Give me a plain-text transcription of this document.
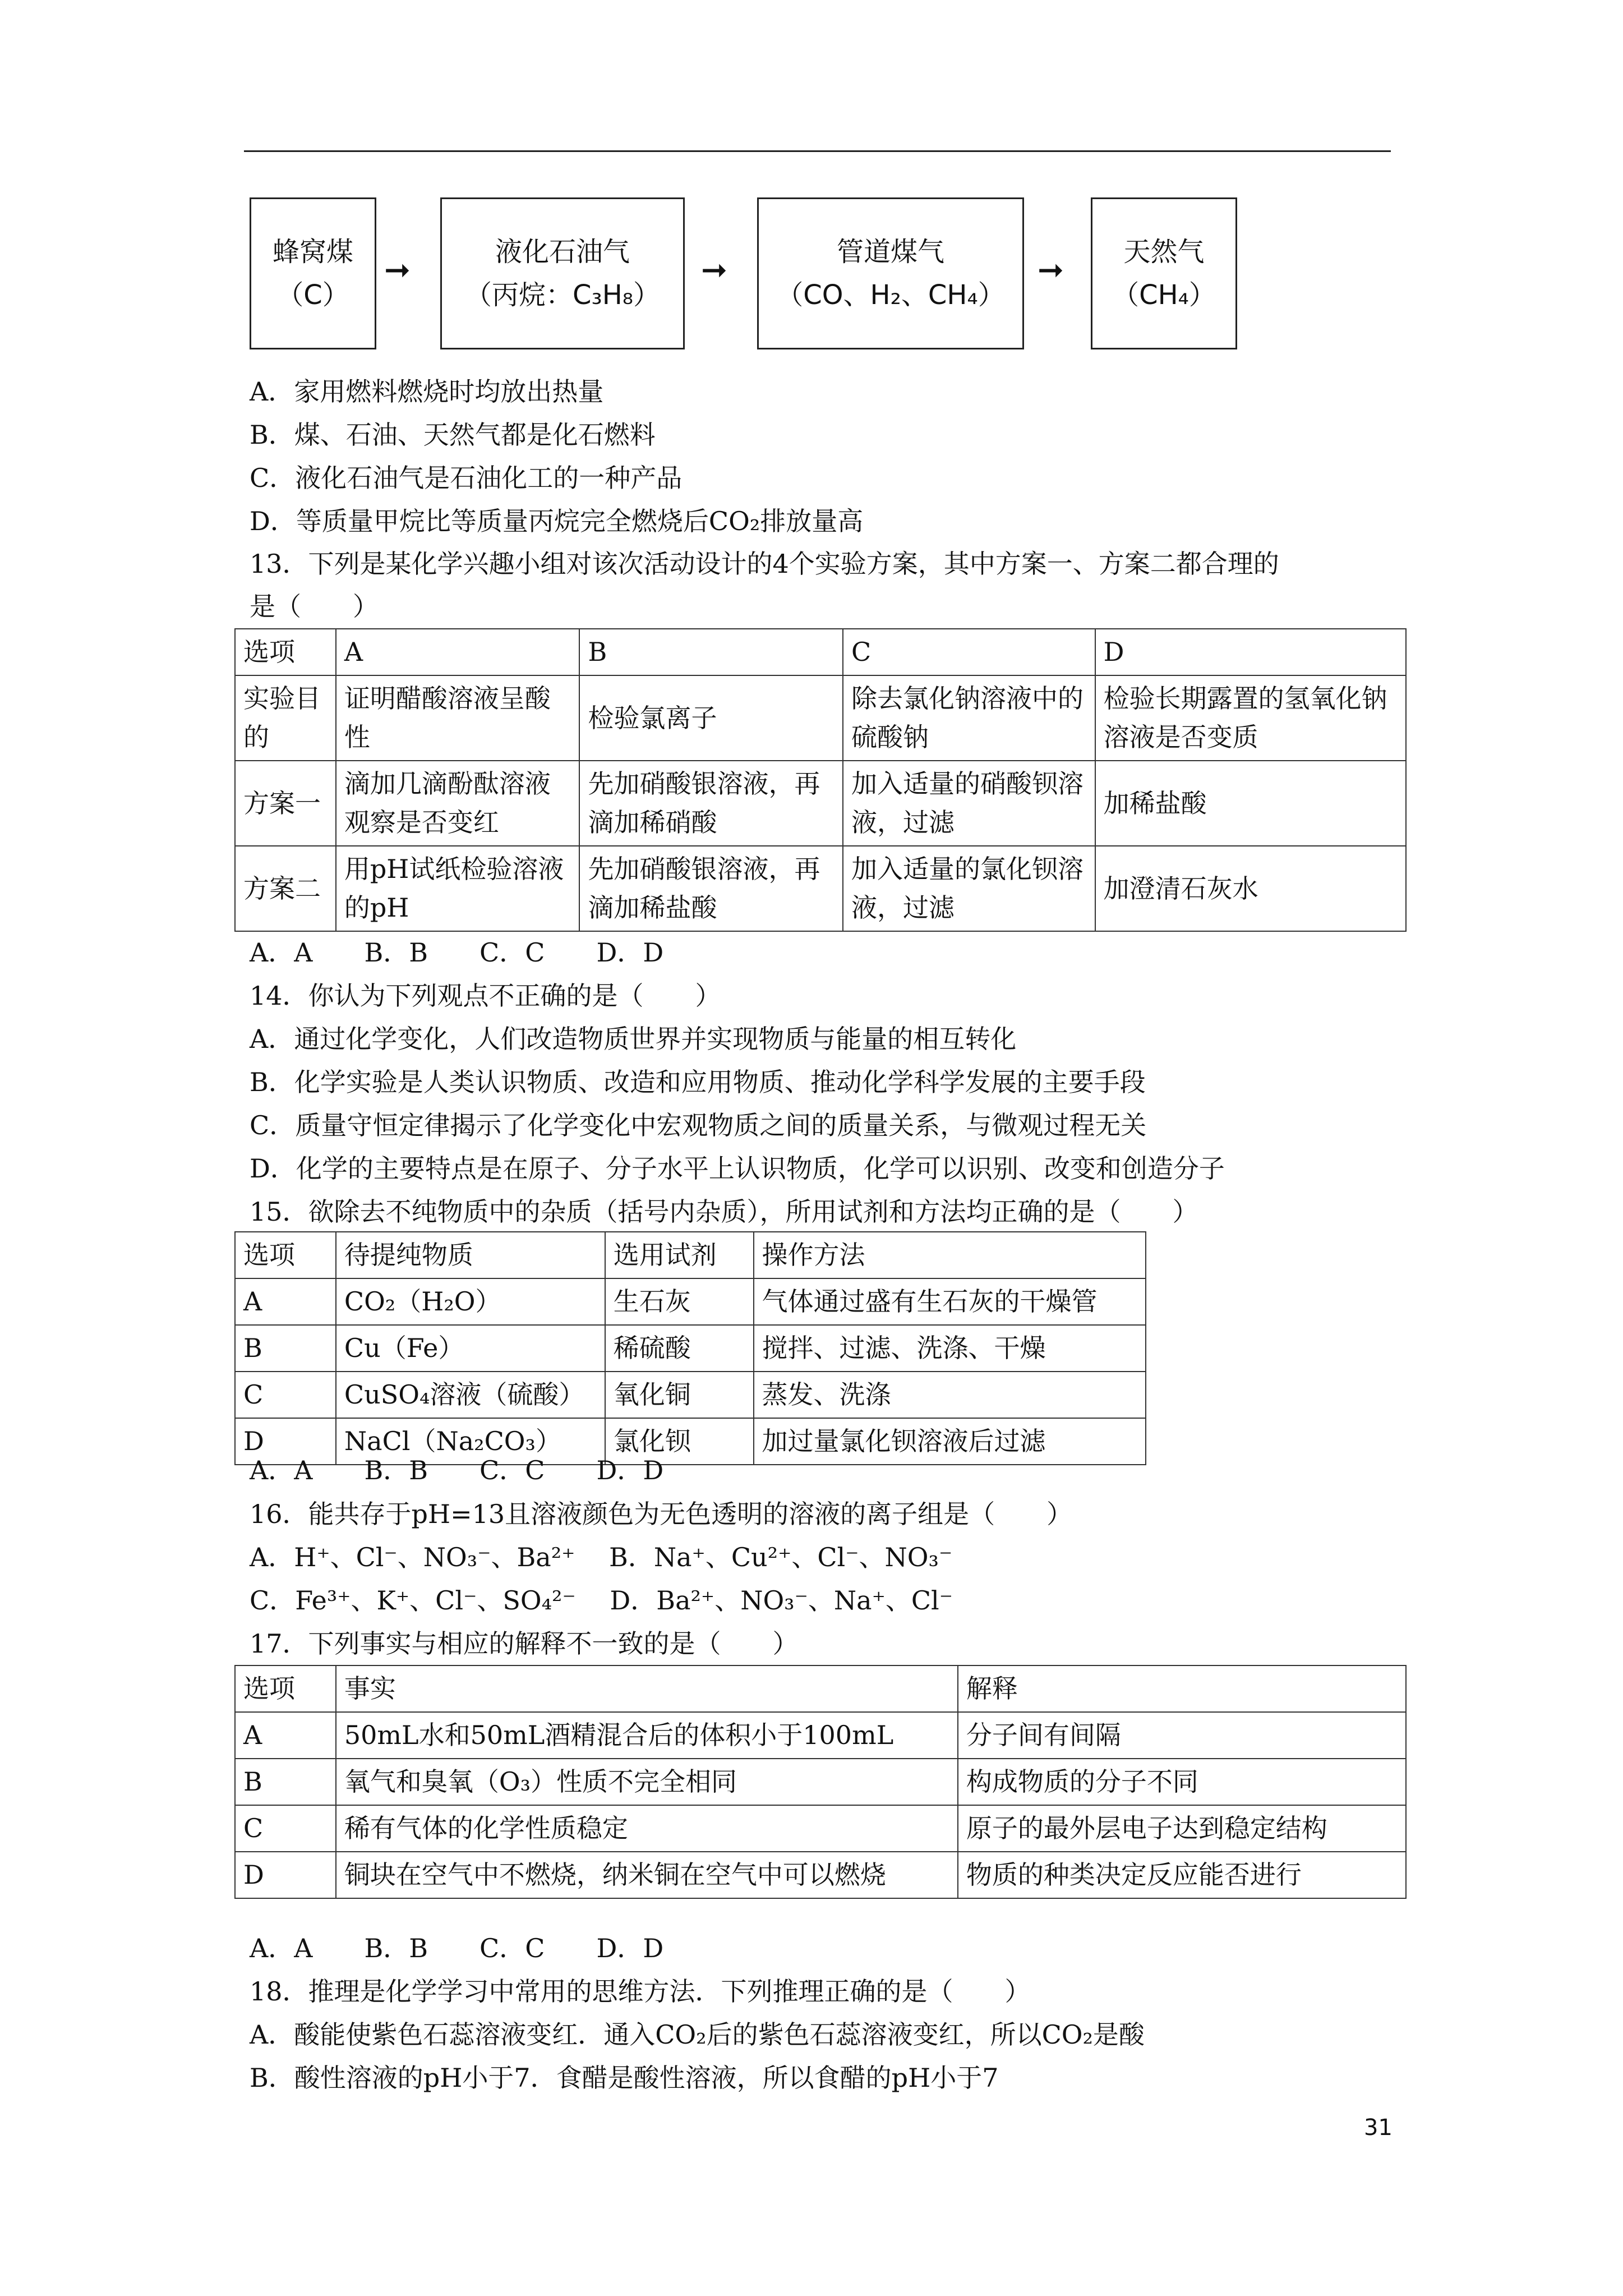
蜂窝煤
（C）
➞
液化石油气
（丙烷：C₃H₈）
➞
管道煤气
（CO、H₂、CH₄）
➞
天然气
（CH₄）
A．家用燃料燃烧时均放出热量
B．煤、石油、天然气都是化石燃料
C．液化石油气是石油化工的一种产品
D．等质量甲烷比等质量丙烷完全燃烧后CO₂排放量高
13．下列是某化学兴趣小组对该次活动设计的4个实验方案，其中方案一、方案二都合理的
是（　　）
选项	A	B	C	D
实验目的	证明醋酸溶液呈酸性	检验氯离子	除去氯化钠溶液中的硫酸钠	检验长期露置的氢氧化钠溶液是否变质
方案一	滴加几滴酚酞溶液观察是否变红	先加硝酸银溶液，再滴加稀硝酸	加入适量的硝酸钡溶液，过滤	加稀盐酸
方案二	用pH试纸检验溶液的pH	先加硝酸银溶液，再滴加稀盐酸	加入适量的氯化钡溶液，过滤	加澄清石灰水
A．A　　B．B　　C．C　　D．D
14．你认为下列观点不正确的是（　　）
A．通过化学变化，人们改造物质世界并实现物质与能量的相互转化
B．化学实验是人类认识物质、改造和应用物质、推动化学科学发展的主要手段
C．质量守恒定律揭示了化学变化中宏观物质之间的质量关系，与微观过程无关
D．化学的主要特点是在原子、分子水平上认识物质，化学可以识别、改变和创造分子
15．欲除去不纯物质中的杂质（括号内杂质），所用试剂和方法均正确的是（　　）
选项	待提纯物质	选用试剂	操作方法
A	CO₂（H₂O）	生石灰	气体通过盛有生石灰的干燥管
B	Cu（Fe）	稀硫酸	搅拌、过滤、洗涤、干燥
C	CuSO₄溶液（硫酸）	氧化铜	蒸发、洗涤
D	NaCl（Na₂CO₃）	氯化钡	加过量氯化钡溶液后过滤
A．A　　B．B　　C．C　　D．D
16．能共存于pH=13且溶液颜色为无色透明的溶液的离子组是（　　）
A．H⁺、Cl⁻、NO₃⁻、Ba²⁺　 B．Na⁺、Cu²⁺、Cl⁻、NO₃⁻
C．Fe³⁺、K⁺、Cl⁻、SO₄²⁻　 D．Ba²⁺、NO₃⁻、Na⁺、Cl⁻
17．下列事实与相应的解释不一致的是（　　）
选项	事实	解释
A	50mL水和50mL酒精混合后的体积小于100mL	分子间有间隔
B	氧气和臭氧（O₃）性质不完全相同	构成物质的分子不同
C	稀有气体的化学性质稳定	原子的最外层电子达到稳定结构
D	铜块在空气中不燃烧，纳米铜在空气中可以燃烧	物质的种类决定反应能否进行
A．A　　B．B　　C．C　　D．D
18．推理是化学学习中常用的思维方法．下列推理正确的是（　　）
A．酸能使紫色石蕊溶液变红．通入CO₂后的紫色石蕊溶液变红，所以CO₂是酸
B．酸性溶液的pH小于7．食醋是酸性溶液，所以食醋的pH小于7
31
